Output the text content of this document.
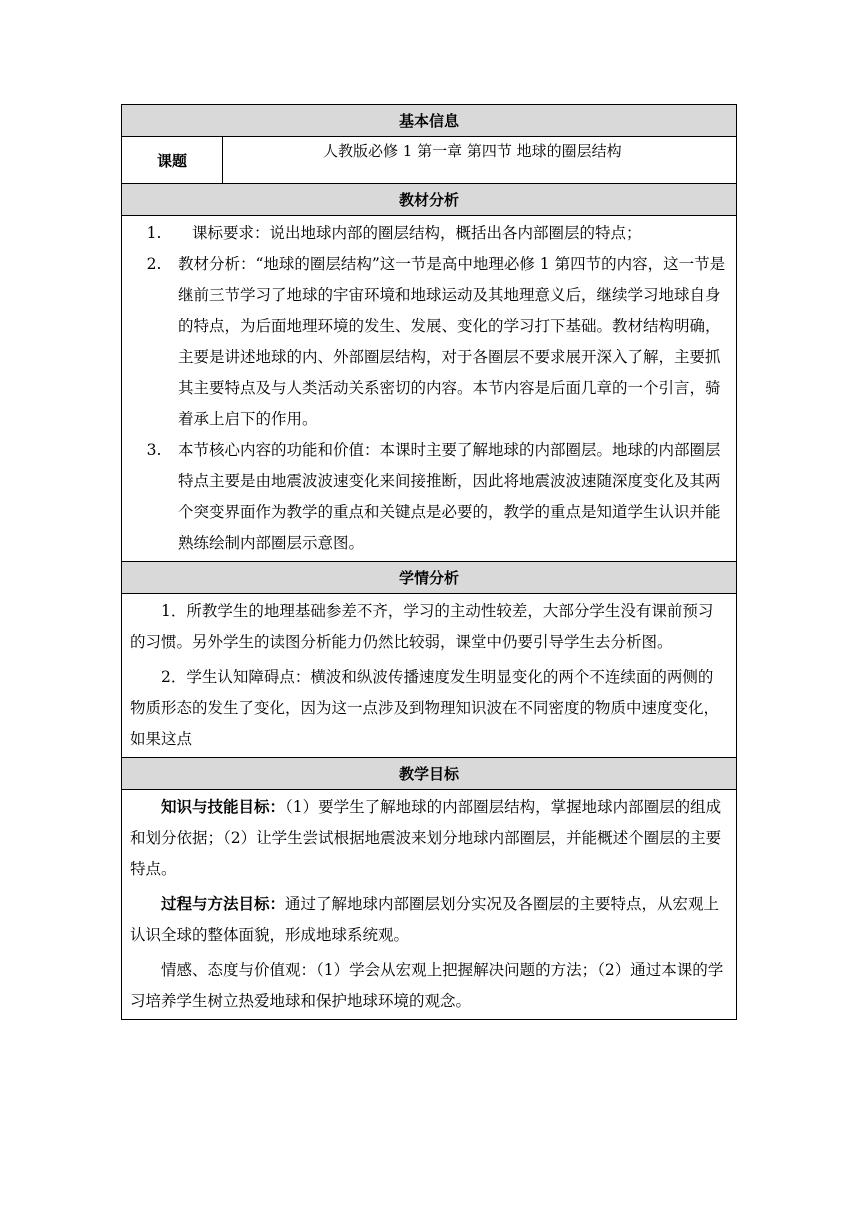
基本信息
课题	人教版必修 1 第一章 第四节 地球的圈层结构
教材分析

1.	课标要求：说出地球内部的圈层结构，概括出各内部圈层的特点；
2.	教材分析：“地球的圈层结构”这一节是高中地理必修 1 第四节的内容，这一节是继前三节学习了地球的宇宙环境和地球运动及其地理意义后，继续学习地球自身的特点，为后面地理环境的发生、发展、变化的学习打下基础。教材结构明确，主要是讲述地球的内、外部圈层结构，对于各圈层不要求展开深入了解，主要抓其主要特点及与人类活动关系密切的内容。本节内容是后面几章的一个引言，骑着承上启下的作用。
3.	本节核心内容的功能和价值：本课时主要了解地球的内部圈层。地球的内部圈层特点主要是由地震波波速变化来间接推断，因此将地震波波速随深度变化及其两个突变界面作为教学的重点和关键点是必要的，教学的重点是知道学生认识并能熟练绘制内部圈层示意图。

学情分析

1．所教学生的地理基础参差不齐，学习的主动性较差，大部分学生没有课前预习的习惯。另外学生的读图分析能力仍然比较弱，课堂中仍要引导学生去分析图。

2．学生认知障碍点：横波和纵波传播速度发生明显变化的两个不连续面的两侧的物质形态的发生了变化，因为这一点涉及到物理知识波在不同密度的物质中速度变化，如果这点

教学目标

知识与技能目标：（1）要学生了解地球的内部圈层结构，掌握地球内部圈层的组成和划分依据；（2）让学生尝试根据地震波来划分地球内部圈层，并能概述个圈层的主要特点。

过程与方法目标：通过了解地球内部圈层划分实况及各圈层的主要特点，从宏观上认识全球的整体面貌，形成地球系统观。

情感、态度与价值观：（1）学会从宏观上把握解决问题的方法；（2）通过本课的学习培养学生树立热爱地球和保护地球环境的观念。
